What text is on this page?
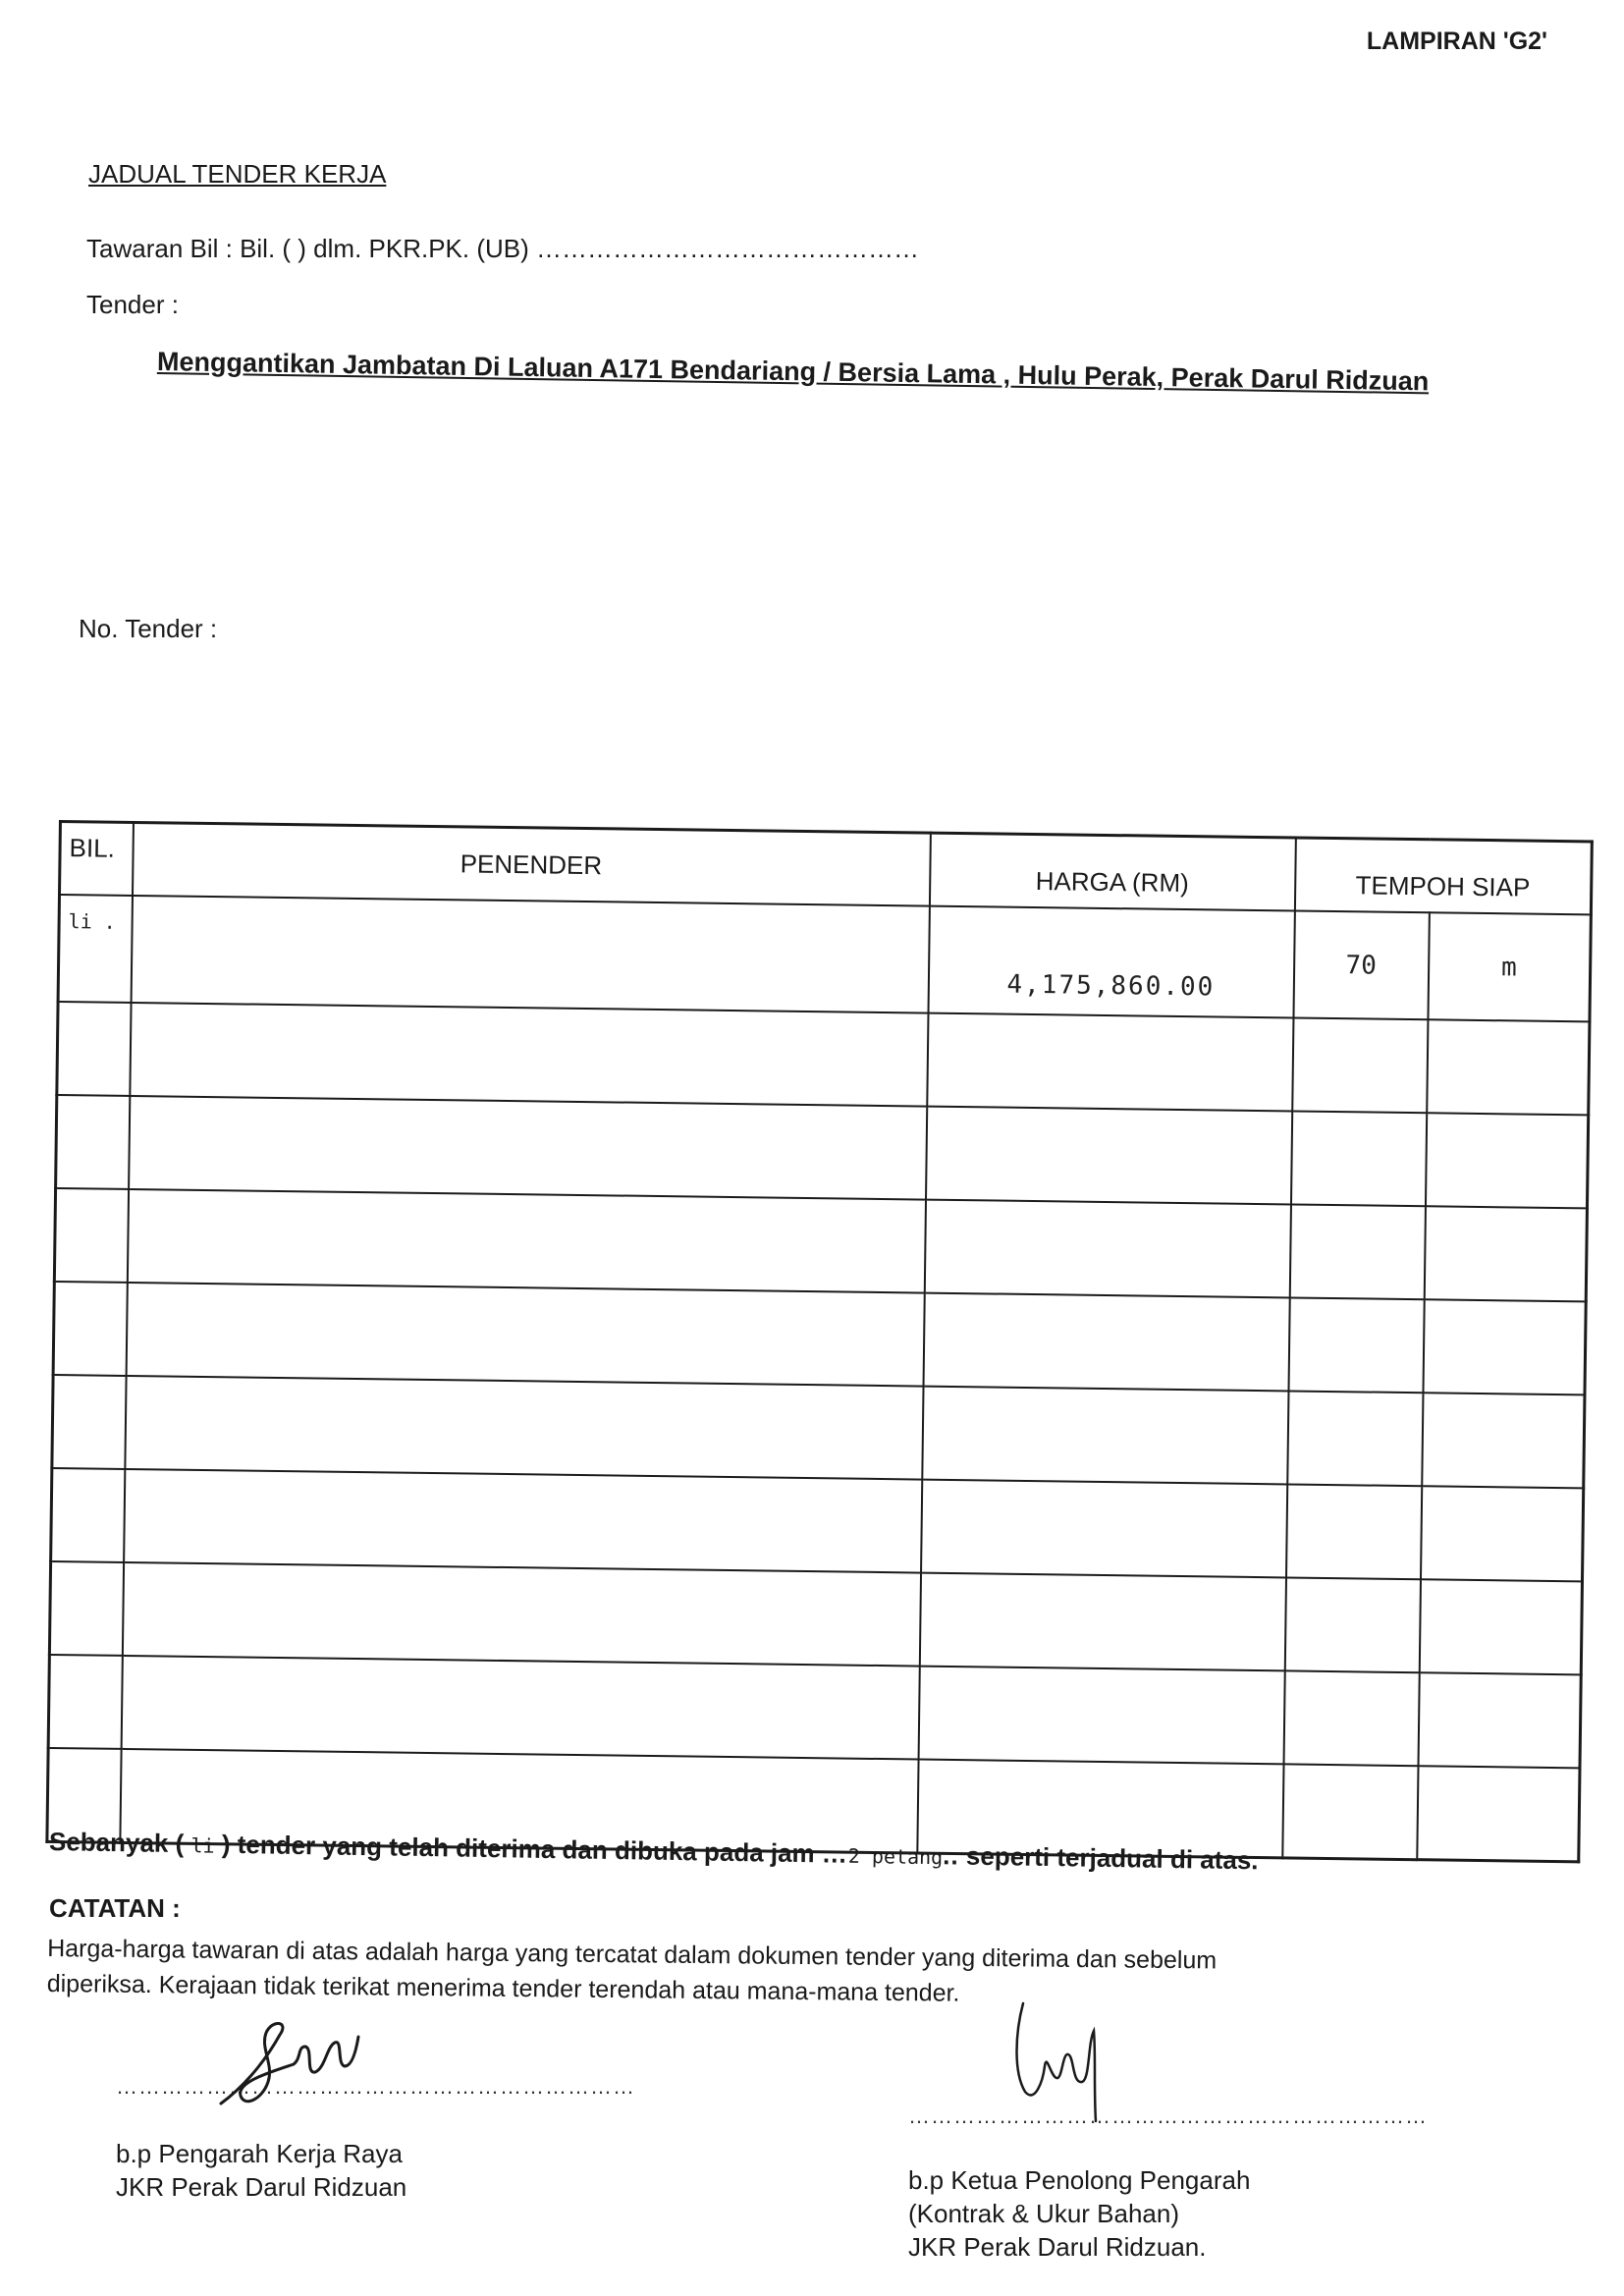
LAMPIRAN 'G2'
JADUAL TENDER KERJA
Tawaran Bil : Bil. ( ) dlm. PKR.PK. (UB) ………………………………………
Tender :
Menggantikan Jambatan Di Laluan A171 Bendariang / Bersia Lama , Hulu Perak, Perak Darul Ridzuan
No. Tender :
BIL.	PENENDER	HARGA (RM)	TEMPOH SIAP	
li .		4,175,860.00	70	m

Sebanyak ( li ) tender yang telah diterima dan dibuka pada jam …2 petang.. seperti terjadual di atas.
CATATAN :
Harga-harga tawaran di atas adalah harga yang tercatat dalam dokumen tender yang diterima dan sebelum diperiksa. Kerajaan tidak terikat menerima tender terendah atau mana-mana tender.
……………………………………………………………
……………………………………………………………
b.p Pengarah Kerja Raya
JKR Perak Darul Ridzuan	b.p Ketua Penolong Pengarah
(Kontrak & Ukur Bahan)
JKR Perak Darul Ridzuan.
